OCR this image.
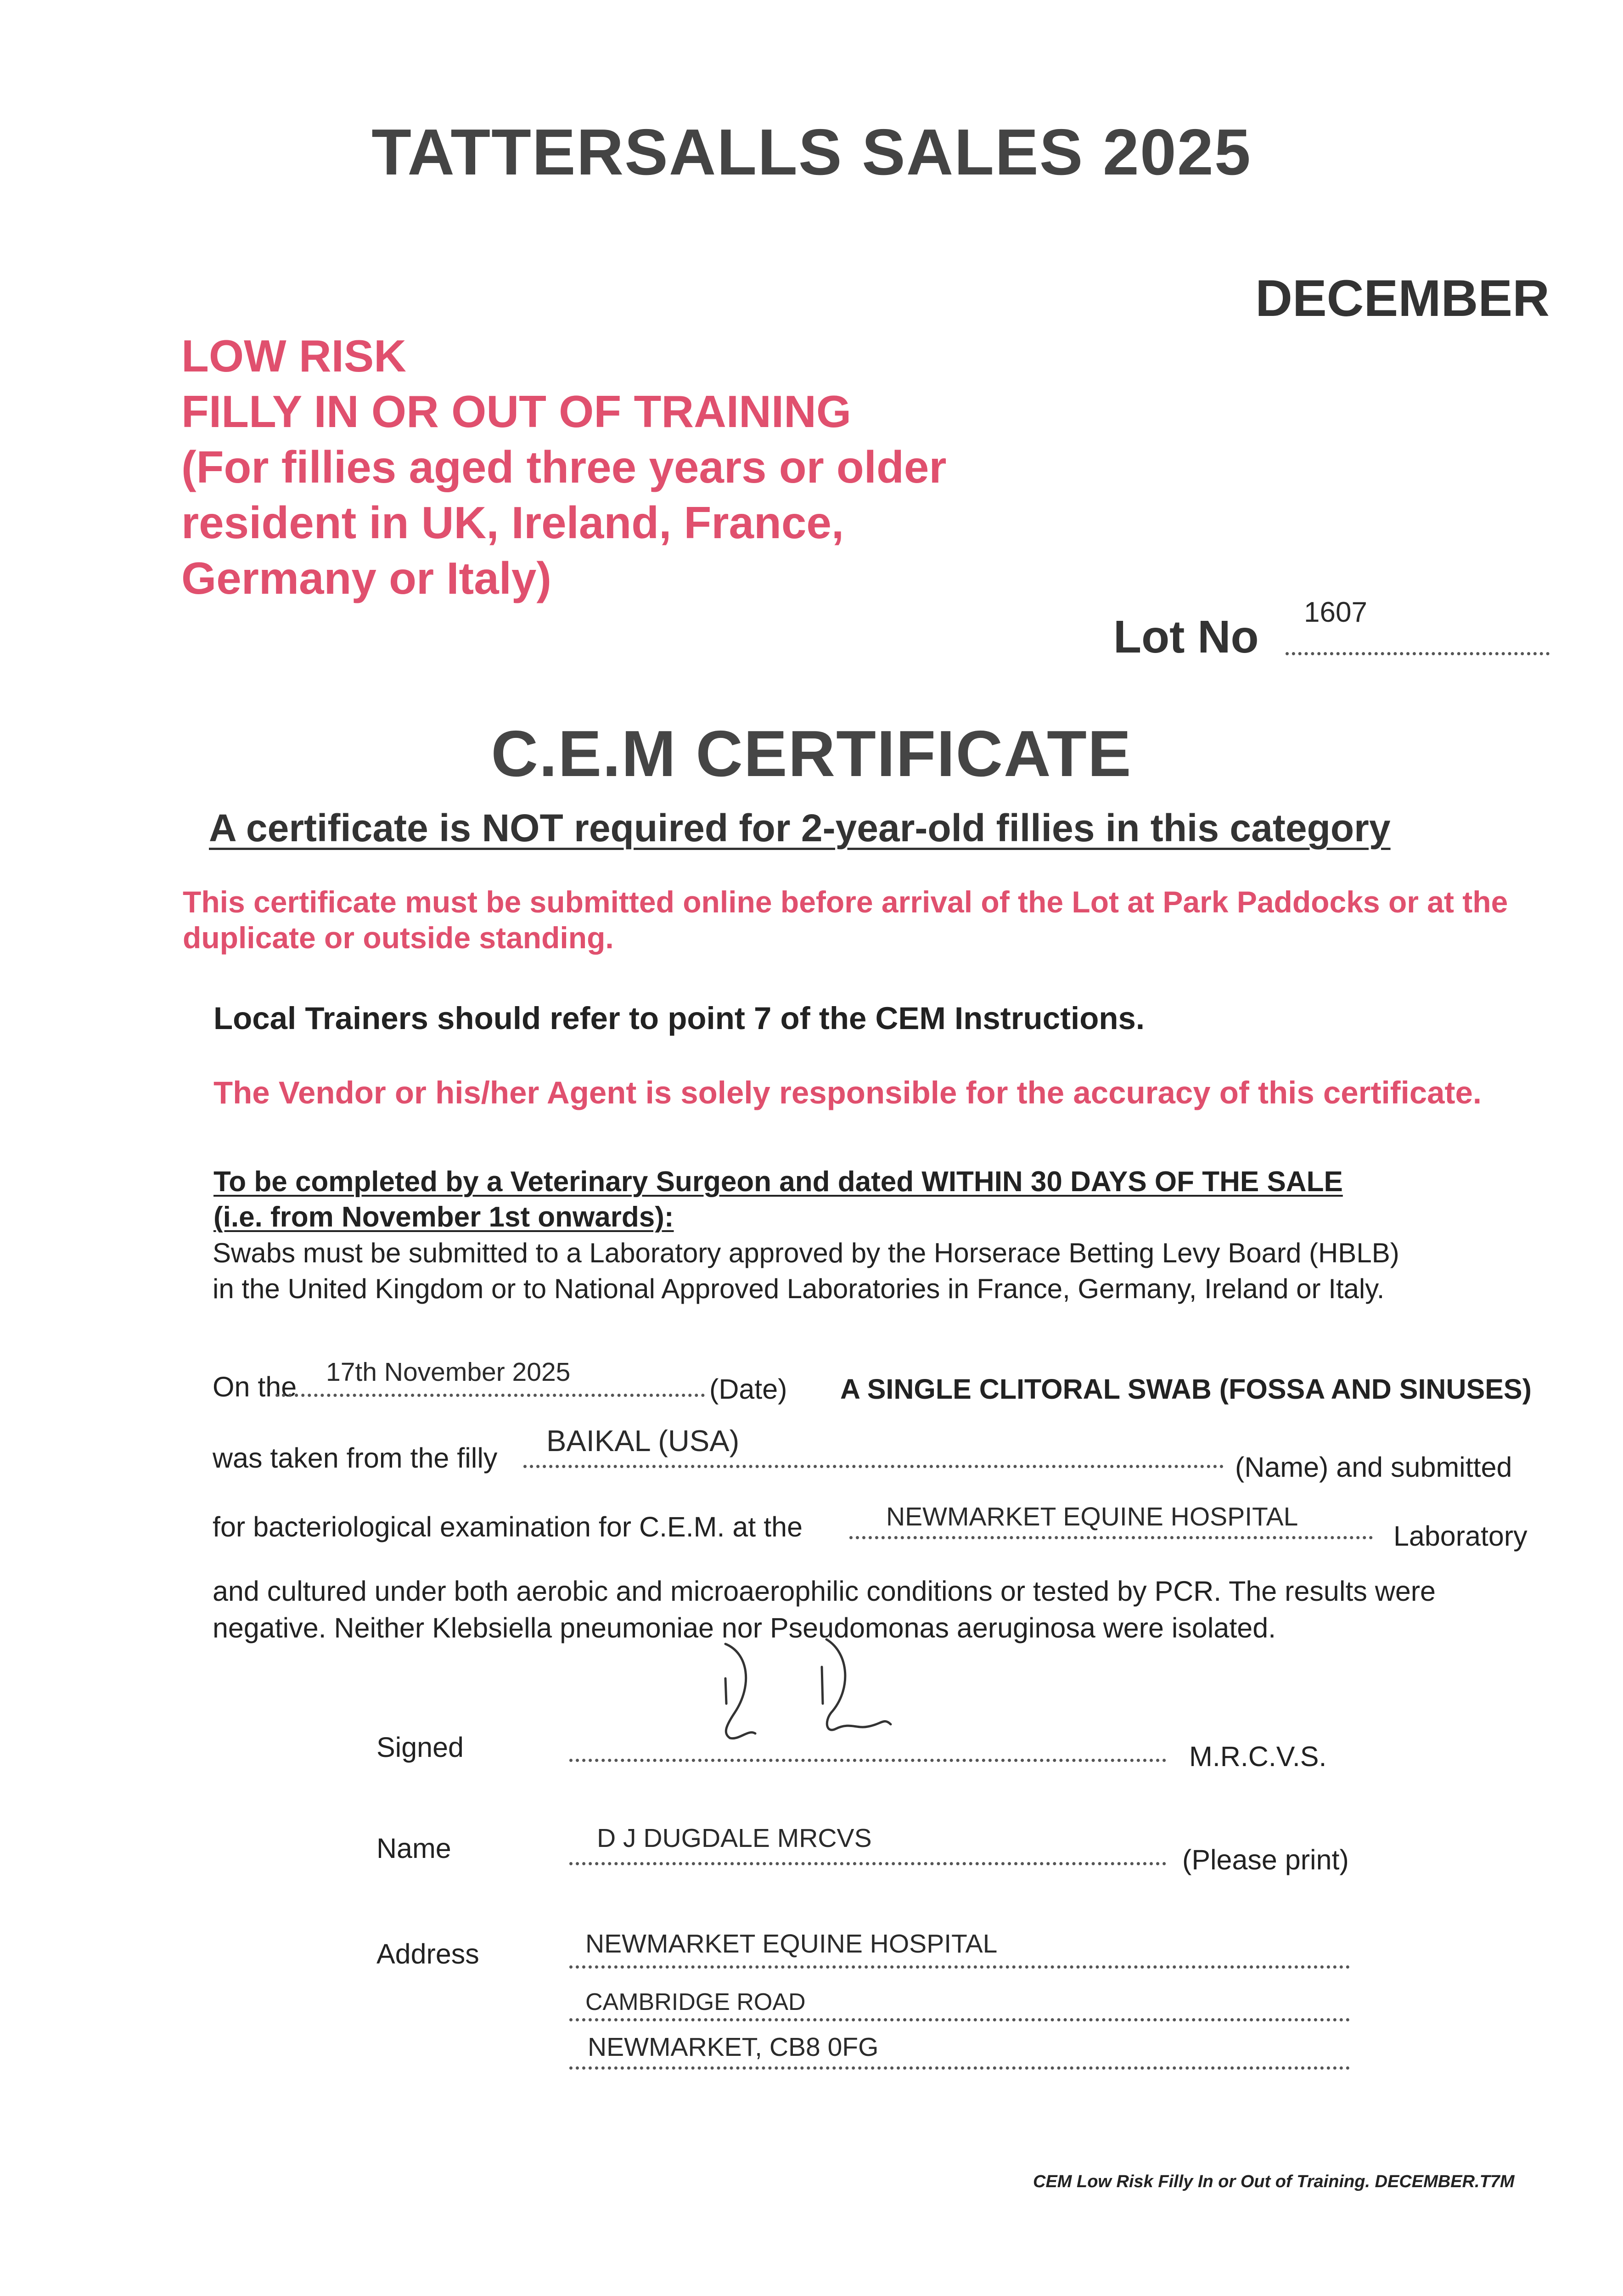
TATTERSALLS SALES 2025
DECEMBER
LOW RISK
FILLY IN OR OUT OF TRAINING
(For fillies aged three years or older
resident in UK, Ireland, France,
Germany or Italy)
Lot No 1607
C.E.M CERTIFICATE
A certificate is NOT required for 2-year-old fillies in this category
This certificate must be submitted online before arrival of the Lot at Park Paddocks or at the duplicate or outside standing.
Local Trainers should refer to point 7 of the CEM Instructions.
The Vendor or his/her Agent is solely responsible for the accuracy of this certificate.
To be completed by a Veterinary Surgeon and dated WITHIN 30 DAYS OF THE SALE
(i.e. from November 1st onwards):
Swabs must be submitted to a Laboratory approved by the Horserace Betting Levy Board (HBLB)
in the United Kingdom or to National Approved Laboratories in France, Germany, Ireland or Italy.
On the 17th November 2025
(Date) A SINGLE CLITORAL SWAB (FOSSA AND SINUSES)
was taken from the filly
BAIKAL (USA)
(Name) and submitted
for bacteriological examination for C.E.M. at the	NEWMARKET EQUINE HOSPITAL
Laboratory
and cultured under both aerobic and microaerophilic conditions or tested by PCR. The results were
negative. Neither Klebsiella pneumoniae nor Pseudomonas aeruginosa were isolated.
Signed	M.R.C.V.S.
Name	D J DUGDALE MRCVS
(Please print)
Address	NEWMARKET EQUINE HOSPITAL
CAMBRIDGE ROAD
NEWMARKET, CB8 0FG
CEM Low Risk Filly In or Out of Training. DECEMBER.T7M
